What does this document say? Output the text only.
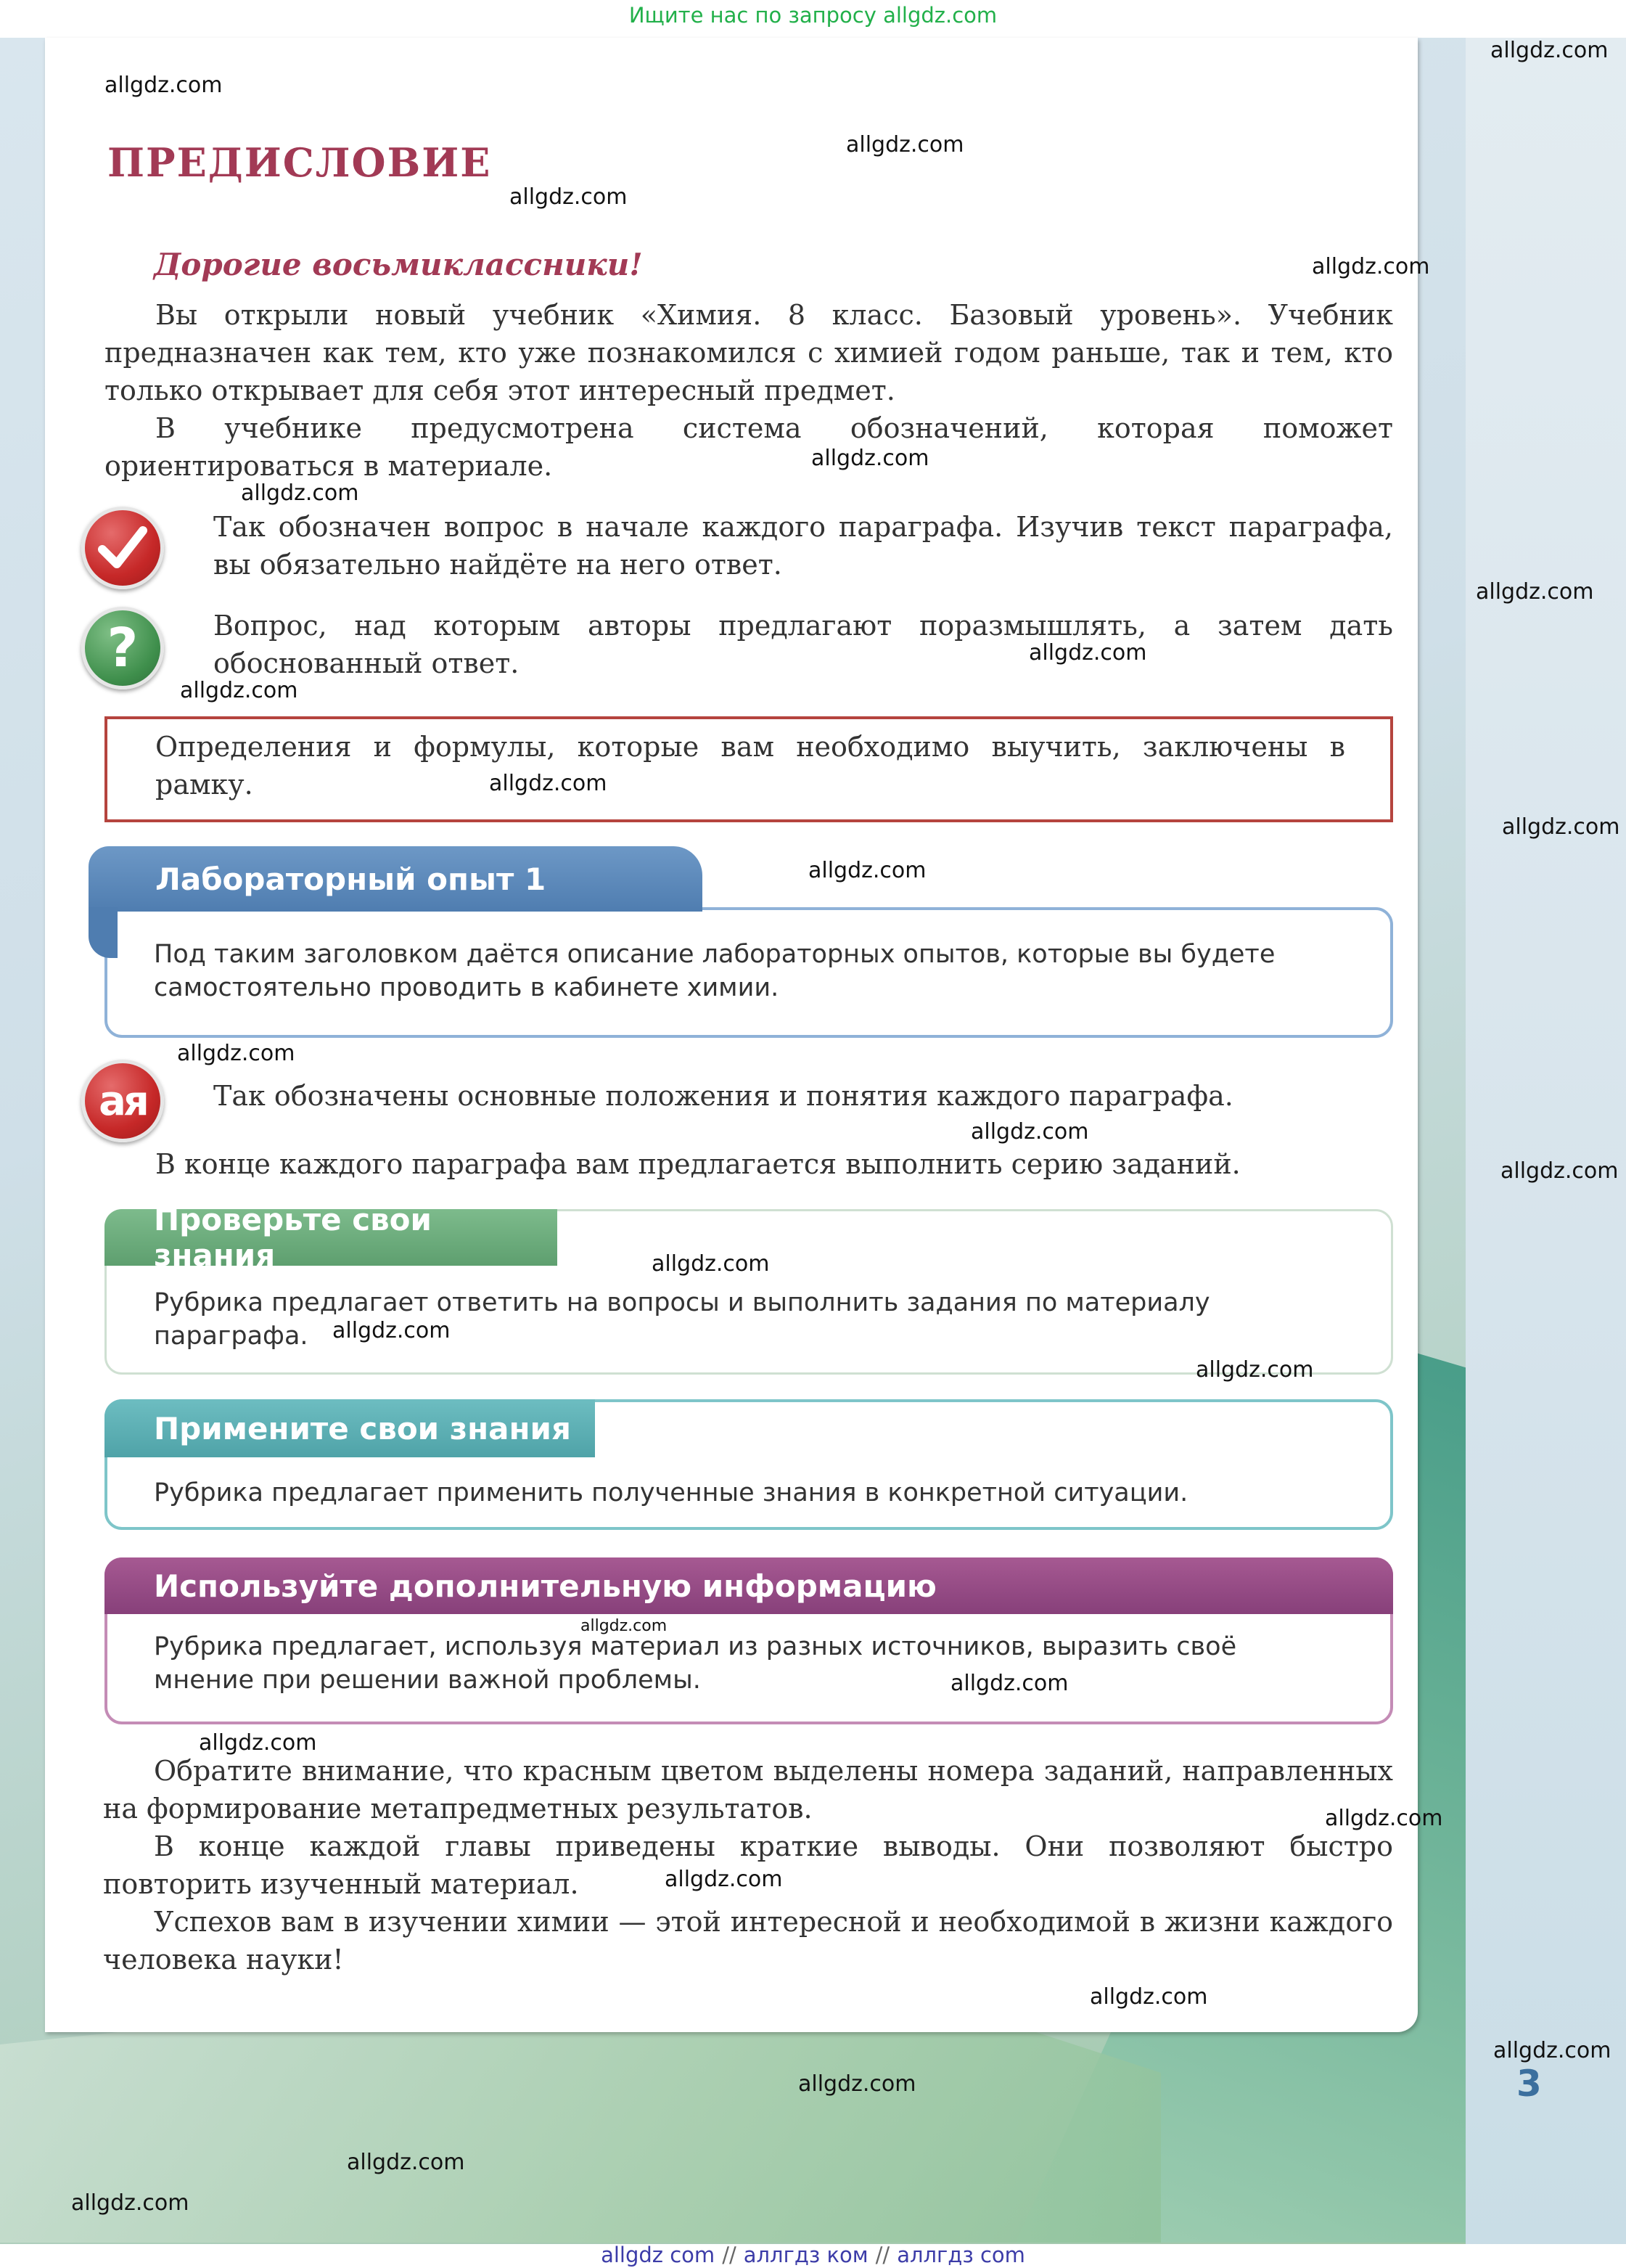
Ищите нас по запросу allgdz.com
ПРЕДИСЛОВИЕ
Дорогие восьмиклассники!
Вы открыли новый учебник «Химия. 8 класс. Базовый уровень». Учебник предназначен как тем, кто уже познакомился с химией годом раньше, так и тем, кто только открывает для себя этот интересный предмет.
В учебнике предусмотрена система обозначений, которая поможет ориентироваться в материале.
Так обозначен вопрос в начале каждого параграфа. Изучив текст параграфа, вы обязательно найдёте на него ответ.
?	Вопрос, над которым авторы предлагают поразмышлять, а затем дать обоснованный ответ.
Определения и формулы, которые вам необходимо выучить, заключены в рамку.
Лабораторный опыт 1
Под таким заголовком даётся описание лабораторных опытов, которые вы будете самостоятельно проводить в кабинете химии.
ая Так обозначены основные положения и понятия каждого параграфа.
В конце каждого параграфа вам предлагается выполнить серию заданий.
Проверьте свои знания
Рубрика предлагает ответить на вопросы и выполнить задания по материалу параграфа.
Примените свои знания
Рубрика предлагает применить полученные знания в конкретной ситуации.
Используйте дополнительную информацию
Рубрика предлагает, используя материал из разных источников, выразить своё мнение при решении важной проблемы.
Обратите внимание, что красным цветом выделены номера заданий, направленных на формирование метапредметных результатов.
В конце каждой главы приведены краткие выводы. Они позволяют быстро повторить изученный материал.
Успехов вам в изучении химии — этой интересной и необходимой в жизни каждого человека науки!
3
allgdz.com
allgdz.com
allgdz.com
allgdz.com
allgdz.com
allgdz.com
allgdz.com
allgdz.com
allgdz.com
allgdz.com
allgdz.com
allgdz.com
allgdz.com
allgdz.com
allgdz.com
allgdz.com
allgdz.com
allgdz.com
allgdz.com
allgdz.com
allgdz.com
allgdz.com
allgdz.com
allgdz.com
allgdz.com
allgdz.com
allgdz.com
allgdz.com
allgdz.com
allgdz com // аллгдз ком // аллгдз com
